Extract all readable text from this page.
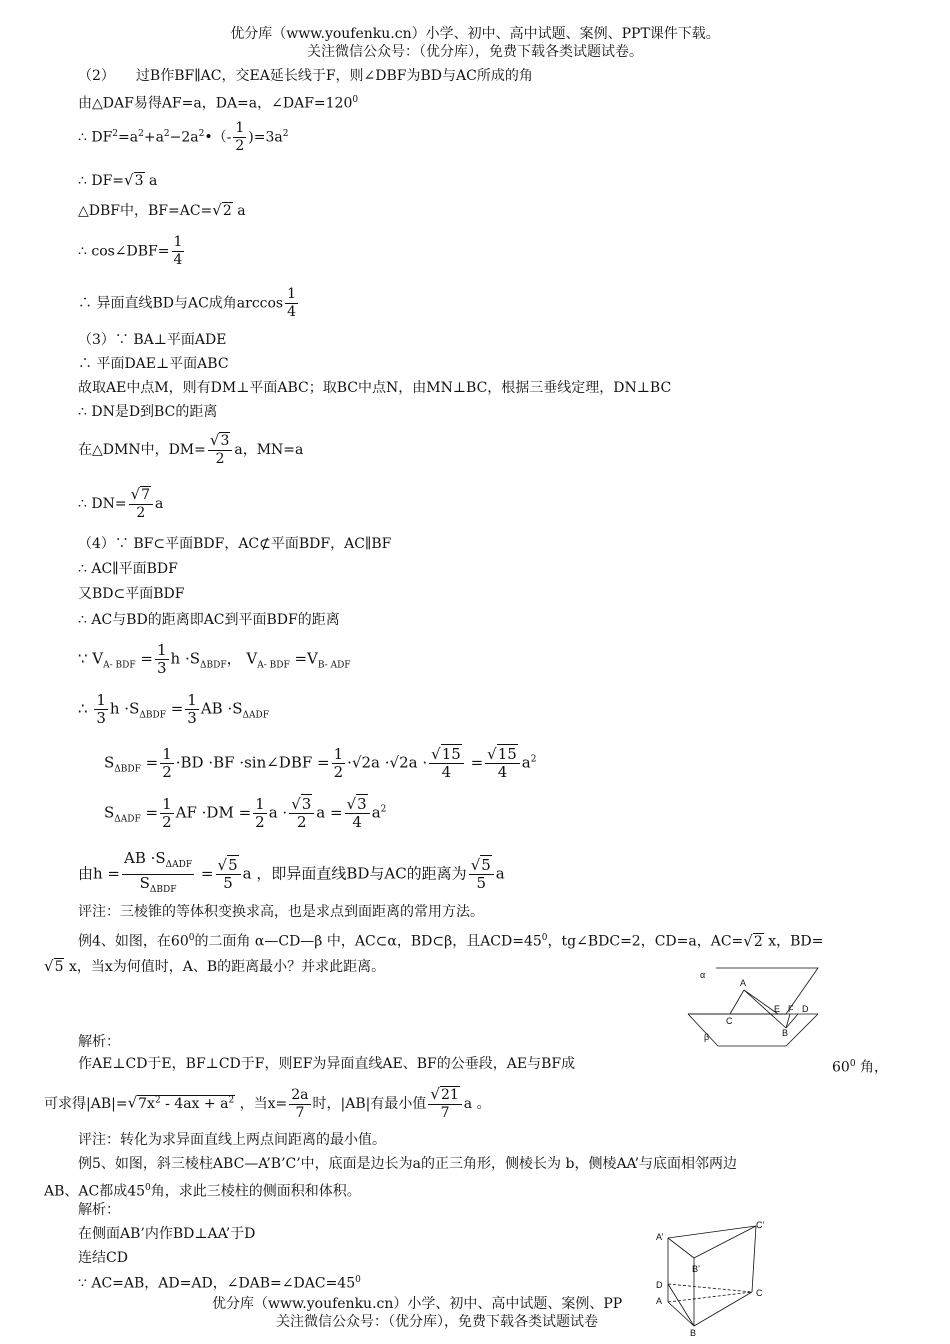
优分库（www.youfenku.cn）小学、初中、高中试题、案例、PPT课件下载。
关注微信公众号：（优分库），免费下载各类试题试卷。
（2）　　过B作BF∥AC，交EA延长线于F，则∠DBF为BD与AC所成的角
由△DAF易得AF=a，DA=a，$\angle DAF=120^0$
∴ $DF^2=a^2+a^2-2a^2•(- \frac{1}{2} )=3a^2$
∴ DF=√3 a
△DBF中，BF=AC=√2 a
∴ cos∠DBF= $\frac{1}{4}$
∴ 异面直线BD与AC成角$\arccos \frac{1}{4}$
（3）∵ BA⊥平面ADE
∴ 平面DAE⊥平面ABC
故取AE中点M，则有DM⊥平面ABC；取BC中点N，由MN⊥BC，根据三垂线定理，DN⊥BC
∴ DN是D到BC的距离
在△DMN中，$DM= \frac{√3}{2}$ a，MN=a
∴ $DN= \frac{√7}{2}$ a
（4）∵ BF⊂平面BDF，AC⊄平面BDF，AC∥BF
∴ AC∥平面BDF
又BD⊂平面BDF
∴ AC与BD的距离即AC到平面BDF的距离
∵ $V_{A- BDF} = \frac{1}{3}$ $h \cdot S_{\Delta BDF}$， $V_{A- BDF} =V_{B- ADF}$
∴ $\frac{1}{3}$ $h \cdot S_{\Delta BDF} = \frac{1}{3}$ AB $\cdot S_{\Delta ADF}$
$S_{\Delta BDF} = \frac{1}{2} \cdot BD \cdot BF$ ·sin∠DBF = $\frac{1}{2} \cdot√2a \cdot√2a \cdot \frac{√15}{4} = \frac{√15}{4} a^2$
$S_{\Delta ADF} = \frac{1}{2}$ AF $\cdot DM = \frac{1}{2}$ $a \cdot \frac{√3}{2}$ $a = \frac{√3}{4} a^2$
由$h = \frac{AB \cdot S_{\Delta ADF}}{S_{\Delta BDF}} = \frac{√5}{5}$ a ，即异面直线BD与AC的距离为 $\frac{√5}{5}$ a
评注：三棱锥的等体积变换求高，也是求点到面距离的常用方法。
例4、如图，在$60^0$的二面角 α—CD—β 中，AC⊂α，BD⊂β，且$ACD=45^0$，tg∠BDC=2，CD=a，AC=√2 x，BD=
√5 x，当x为何值时，A、B的距离最小？并求此距离。	α
A
E F D
C
B
β
解析：
作AE⊥CD于E，BF⊥CD于F，则EF为异面直线AE、BF的公垂段，AE与BF成	$60^0$ 角，
可求得$|AB|=√7x^2 - 4ax + a^2$ ，当$x= \frac{2a}{7}$ 时，|AB|有最小值 $\frac{√21}{7}$ a 。
评注：转化为求异面直线上两点间距离的最小值。
例5、如图，斜三棱柱ABC—A’B’C’中，底面是边长为a的正三角形，侧棱长为 b，侧棱AA’与底面相邻两边
AB、AC都成$45^0$角，求此三棱柱的侧面积和体积。
解析：
在侧面AB’内作BD⊥AA’于D
连结CD
∵ AC=AB，AD=AD，$\angle DAB=\angle DAC=45^0$
A’
C’
B’
D
A
C
B
优分库（www.youfenku.cn）小学、初中、高中试题、案例、PP
关注微信公众号：（优分库），免费下载各类试题试卷
